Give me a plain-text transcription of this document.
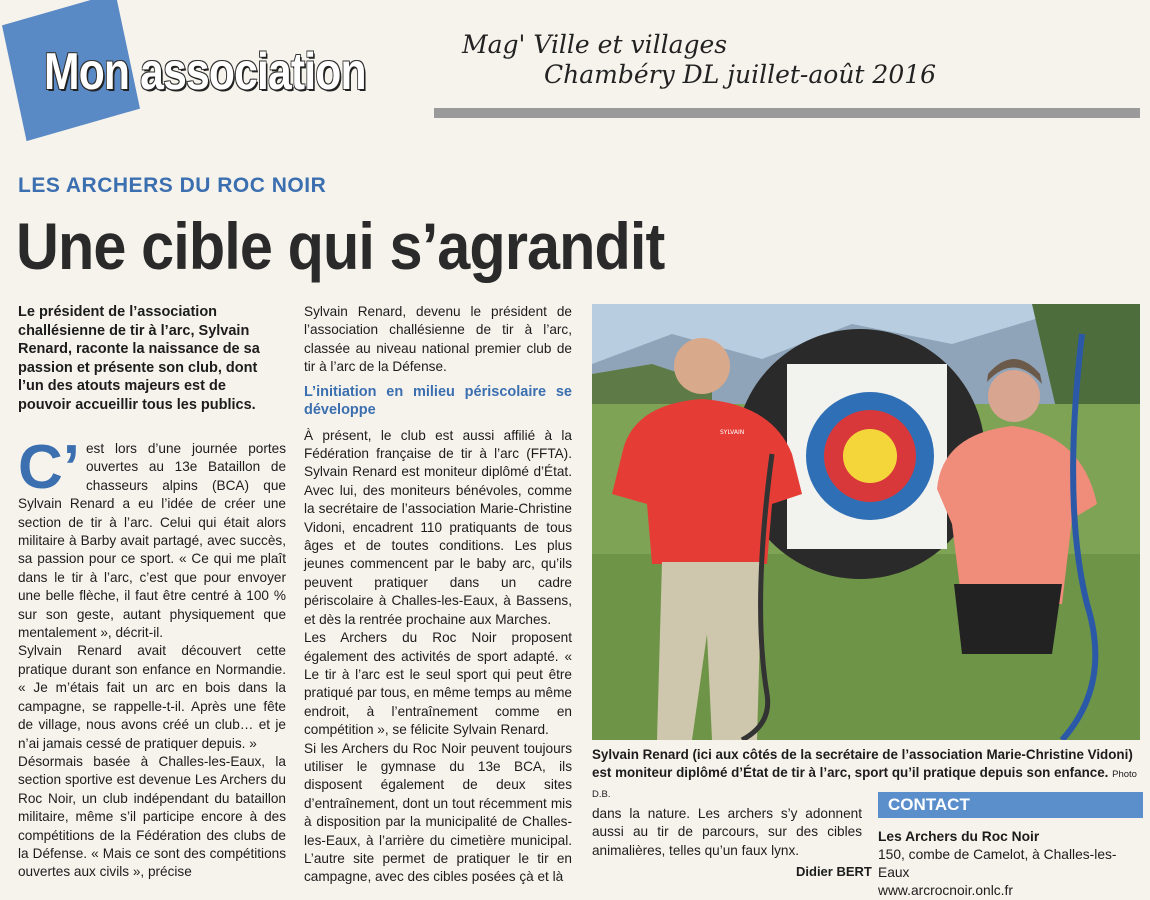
Mon association	Mag' Ville et villages
Chambéry DL juillet-août 2016
LES ARCHERS DU ROC NOIR
Une cible qui s’agrandit
Le président de l’association challésienne de tir à l’arc, Sylvain Renard, raconte la naissance de sa passion et présente son club, dont l’un des atouts majeurs est de pouvoir accueillir tous les publics.
C’ est lors d’une journée portes ouvertes au 13e Bataillon de chasseurs alpins (BCA) que Sylvain Renard a eu l’idée de créer une section de tir à l’arc. Celui qui était alors militaire à Barby avait partagé, avec succès, sa passion pour ce sport. « Ce qui me plaît dans le tir à l’arc, c’est que pour envoyer une belle flèche, il faut être centré à 100 % sur son geste, autant physiquement que mentalement », décrit-il.

Sylvain Renard avait découvert cette pratique durant son enfance en Normandie. « Je m’étais fait un arc en bois dans la campagne, se rappelle-t-il. Après une fête de village, nous avons créé un club… et je n’ai jamais cessé de pratiquer depuis. »

Désormais basée à Challes-les-Eaux, la section sportive est devenue Les Archers du Roc Noir, un club indépendant du bataillon militaire, même s’il participe encore à des compétitions de la Fédération des clubs de la Défense. « Mais ce sont des compétitions ouvertes aux civils », précise

Sylvain Renard, devenu le président de l’association challésienne de tir à l’arc, classée au niveau national premier club de tir à l’arc de la Défense.

L’initiation en milieu périscolaire se développe

À présent, le club est aussi affilié à la Fédération française de tir à l’arc (FFTA). Sylvain Renard est moniteur diplômé d’État. Avec lui, des moniteurs bénévoles, comme la secrétaire de l’association Marie-Christine Vidoni, encadrent 110 pratiquants de tous âges et de toutes conditions. Les plus jeunes commencent par le baby arc, qu’ils peuvent pratiquer dans un cadre périscolaire à Challes-les-Eaux, à Bassens, et dès la rentrée prochaine aux Marches.

Les Archers du Roc Noir proposent également des activités de sport adapté. « Le tir à l’arc est le seul sport qui peut être pratiqué par tous, en même temps au même endroit, à l’entraînement comme en compétition », se félicite Sylvain Renard.

Si les Archers du Roc Noir peuvent toujours utiliser le gymnase du 13e BCA, ils disposent également de deux sites d’entraînement, dont un tout récemment mis à disposition par la municipalité de Challes-les-Eaux, à l’arrière du cimetière municipal. L’autre site permet de pratiquer le tir en campagne, avec des cibles posées çà et là

SYLVAIN
Sylvain Renard (ici aux côtés de la secrétaire de l’association Marie-Christine Vidoni) est moniteur diplômé d’État de tir à l’arc, sport qu’il pratique depuis son enfance. Photo D.B.

dans la nature. Les archers s’y adonnent aussi au tir de parcours, sur des cibles animalières, telles qu’un faux lynx.

Didier BERT
CONTACT
Les Archers du Roc Noir
150, combe de Camelot, à Challes-les-Eaux
www.arcrocnoir.onlc.fr
